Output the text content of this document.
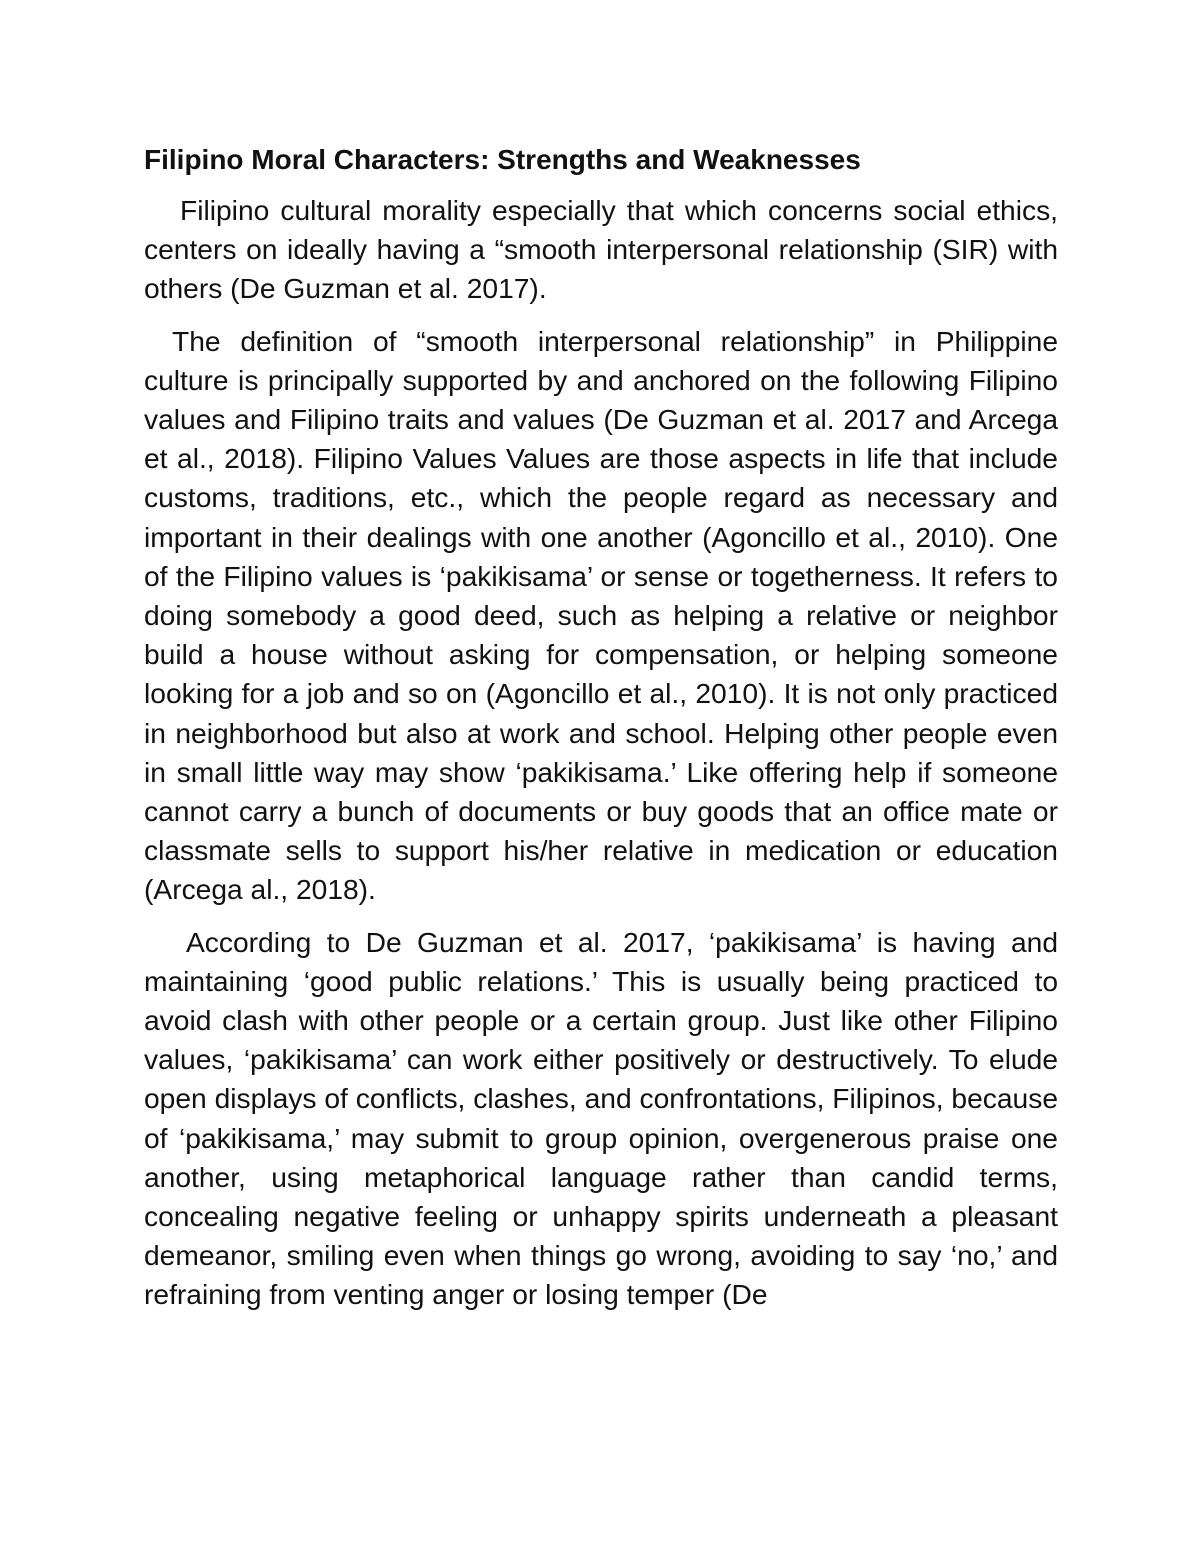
Filipino Moral Characters: Strengths and Weaknesses

Filipino cultural morality especially that which concerns social ethics, centers on ideally having a “smooth interpersonal relationship (SIR) with others (De Guzman et al. 2017).

The definition of “smooth interpersonal relationship” in Philippine culture is principally supported by and anchored on the following Filipino values and Filipino traits and values (De Guzman et al. 2017 and Arcega et al., 2018). Filipino Values Values are those aspects in life that include customs, traditions, etc., which the people regard as necessary and important in their dealings with one another (Agoncillo et al., 2010). One of the Filipino values is ‘pakikisama’ or sense or togetherness. It refers to doing somebody a good deed, such as helping a relative or neighbor build a house without asking for compensation, or helping someone looking for a job and so on (Agoncillo et al., 2010). It is not only practiced in neighborhood but also at work and school. Helping other people even in small little way may show ‘pakikisama.’ Like offering help if someone cannot carry a bunch of documents or buy goods that an office mate or classmate sells to support his/her relative in medication or education (Arcega al., 2018).

According to De Guzman et al. 2017, ‘pakikisama’ is having and maintaining ‘good public relations.’ This is usually being practiced to avoid clash with other people or a certain group. Just like other Filipino values, ‘pakikisama’ can work either positively or destructively. To elude open displays of conflicts, clashes, and confrontations, Filipinos, because of ‘pakikisama,’ may submit to group opinion, overgenerous praise one another, using metaphorical language rather than candid terms, concealing negative feeling or unhappy spirits underneath a pleasant demeanor, smiling even when things go wrong, avoiding to say ‘no,’ and refraining from venting anger or losing temper (De
